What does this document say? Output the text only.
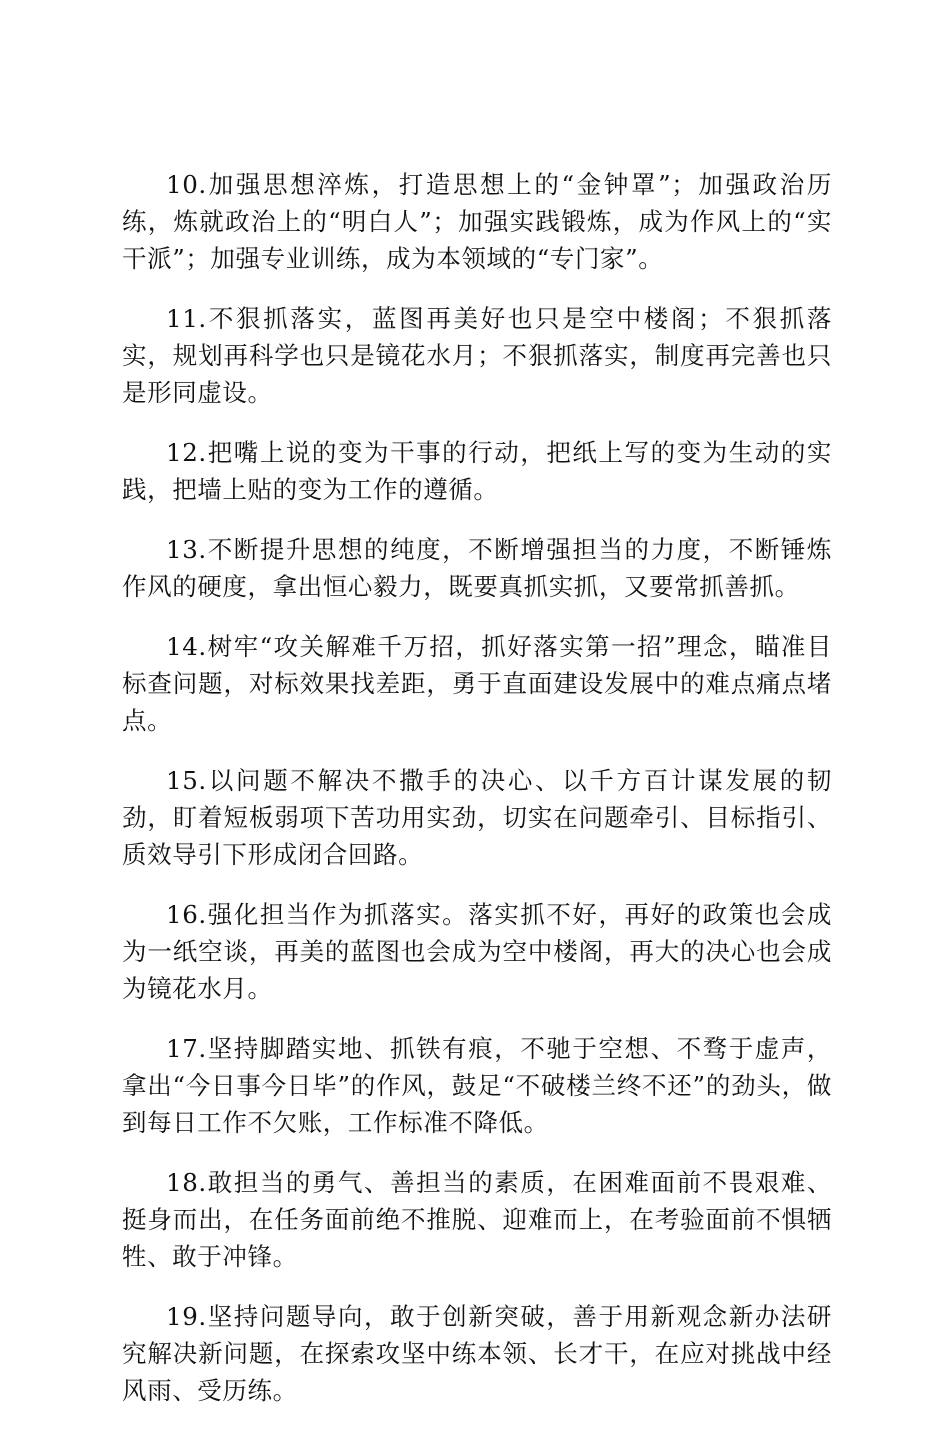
10.加强思想淬炼，打造思想上的“金钟罩”；加强政治历练，炼就政治上的“明白人”；加强实践锻炼，成为作风上的“实干派”；加强专业训练，成为本领域的“专门家”。

11.不狠抓落实，蓝图再美好也只是空中楼阁；不狠抓落实，规划再科学也只是镜花水月；不狠抓落实，制度再完善也只是形同虚设。

12.把嘴上说的变为干事的行动，把纸上写的变为生动的实践，把墙上贴的变为工作的遵循。

13.不断提升思想的纯度，不断增强担当的力度，不断锤炼作风的硬度，拿出恒心毅力，既要真抓实抓，又要常抓善抓。

14.树牢“攻关解难千万招，抓好落实第一招”理念，瞄准目标查问题，对标效果找差距，勇于直面建设发展中的难点痛点堵点。

15.以问题不解决不撒手的决心、以千方百计谋发展的韧劲，盯着短板弱项下苦功用实劲，切实在问题牵引、目标指引、质效导引下形成闭合回路。

16.强化担当作为抓落实。落实抓不好，再好的政策也会成为一纸空谈，再美的蓝图也会成为空中楼阁，再大的决心也会成为镜花水月。

17.坚持脚踏实地、抓铁有痕，不驰于空想、不骛于虚声，拿出“今日事今日毕”的作风，鼓足“不破楼兰终不还”的劲头，做到每日工作不欠账，工作标准不降低。

18.敢担当的勇气、善担当的素质，在困难面前不畏艰难、挺身而出，在任务面前绝不推脱、迎难而上，在考验面前不惧牺牲、敢于冲锋。

19.坚持问题导向，敢于创新突破，善于用新观念新办法研究解决新问题，在探索攻坚中练本领、长才干，在应对挑战中经风雨、受历练。
